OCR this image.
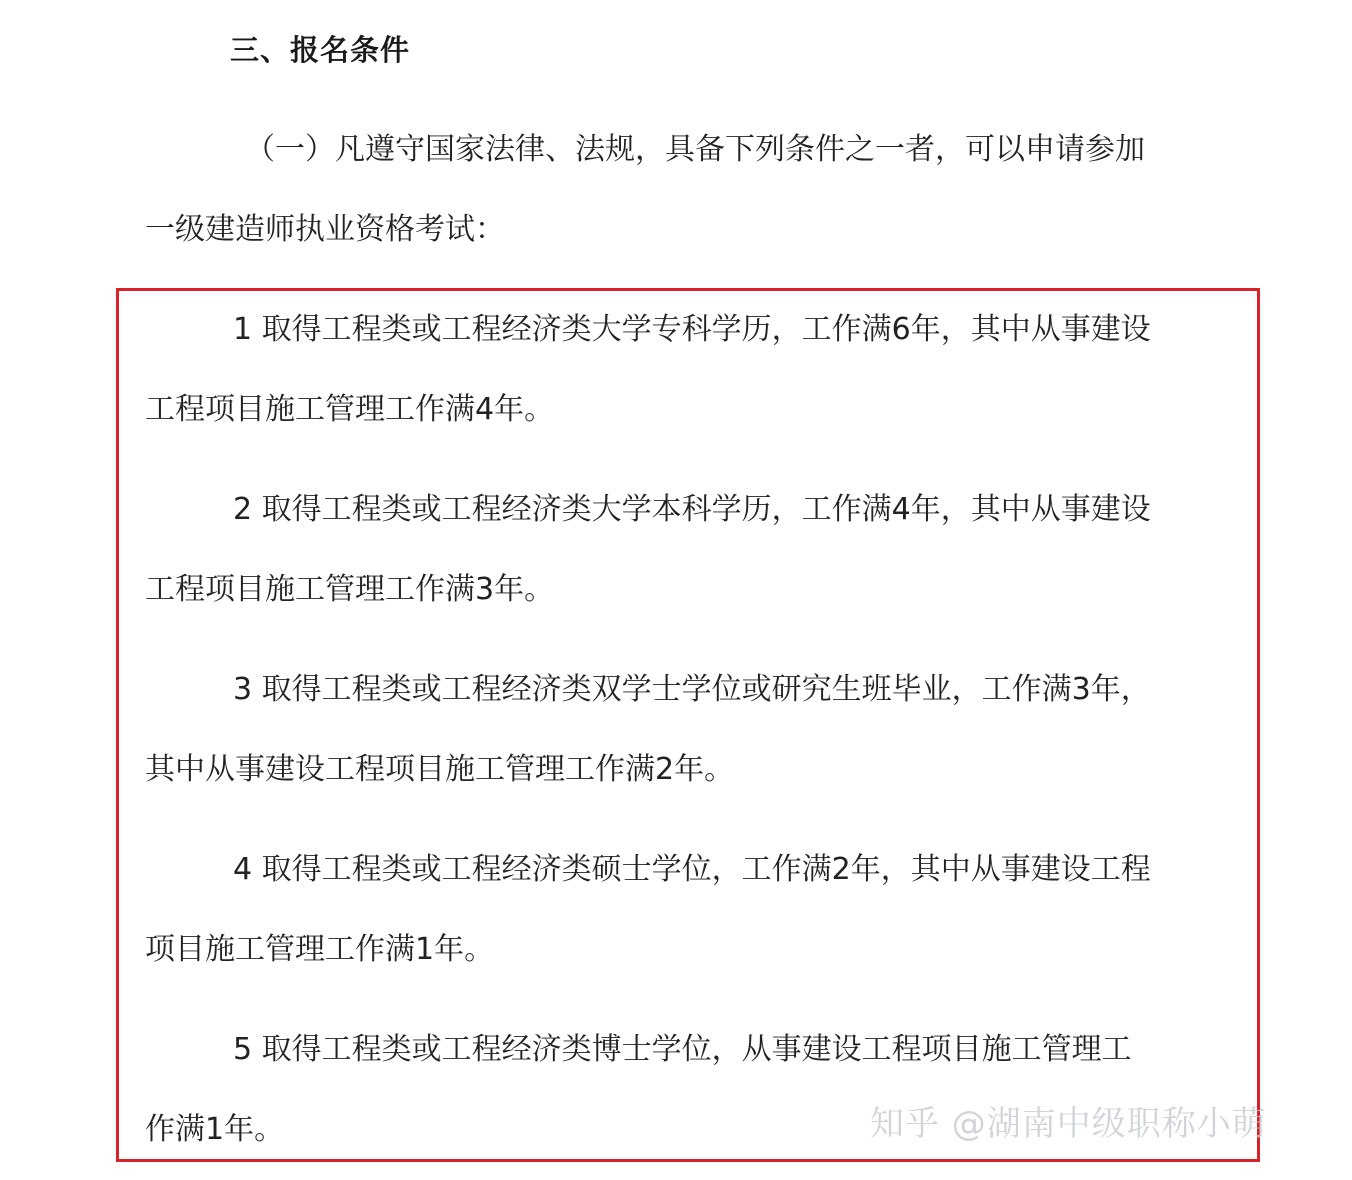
三、报名条件
（一）凡遵守国家法律、法规，具备下列条件之一者，可以申请参加
一级建造师执业资格考试：
1 取得工程类或工程经济类大学专科学历，工作满6年，其中从事建设
工程项目施工管理工作满4年。
2 取得工程类或工程经济类大学本科学历，工作满4年，其中从事建设
工程项目施工管理工作满3年。
3 取得工程类或工程经济类双学士学位或研究生班毕业，工作满3年，
其中从事建设工程项目施工管理工作满2年。
4 取得工程类或工程经济类硕士学位，工作满2年，其中从事建设工程
项目施工管理工作满1年。
5 取得工程类或工程经济类博士学位，从事建设工程项目施工管理工
作满1年。	知乎 @湖南中级职称小萌
